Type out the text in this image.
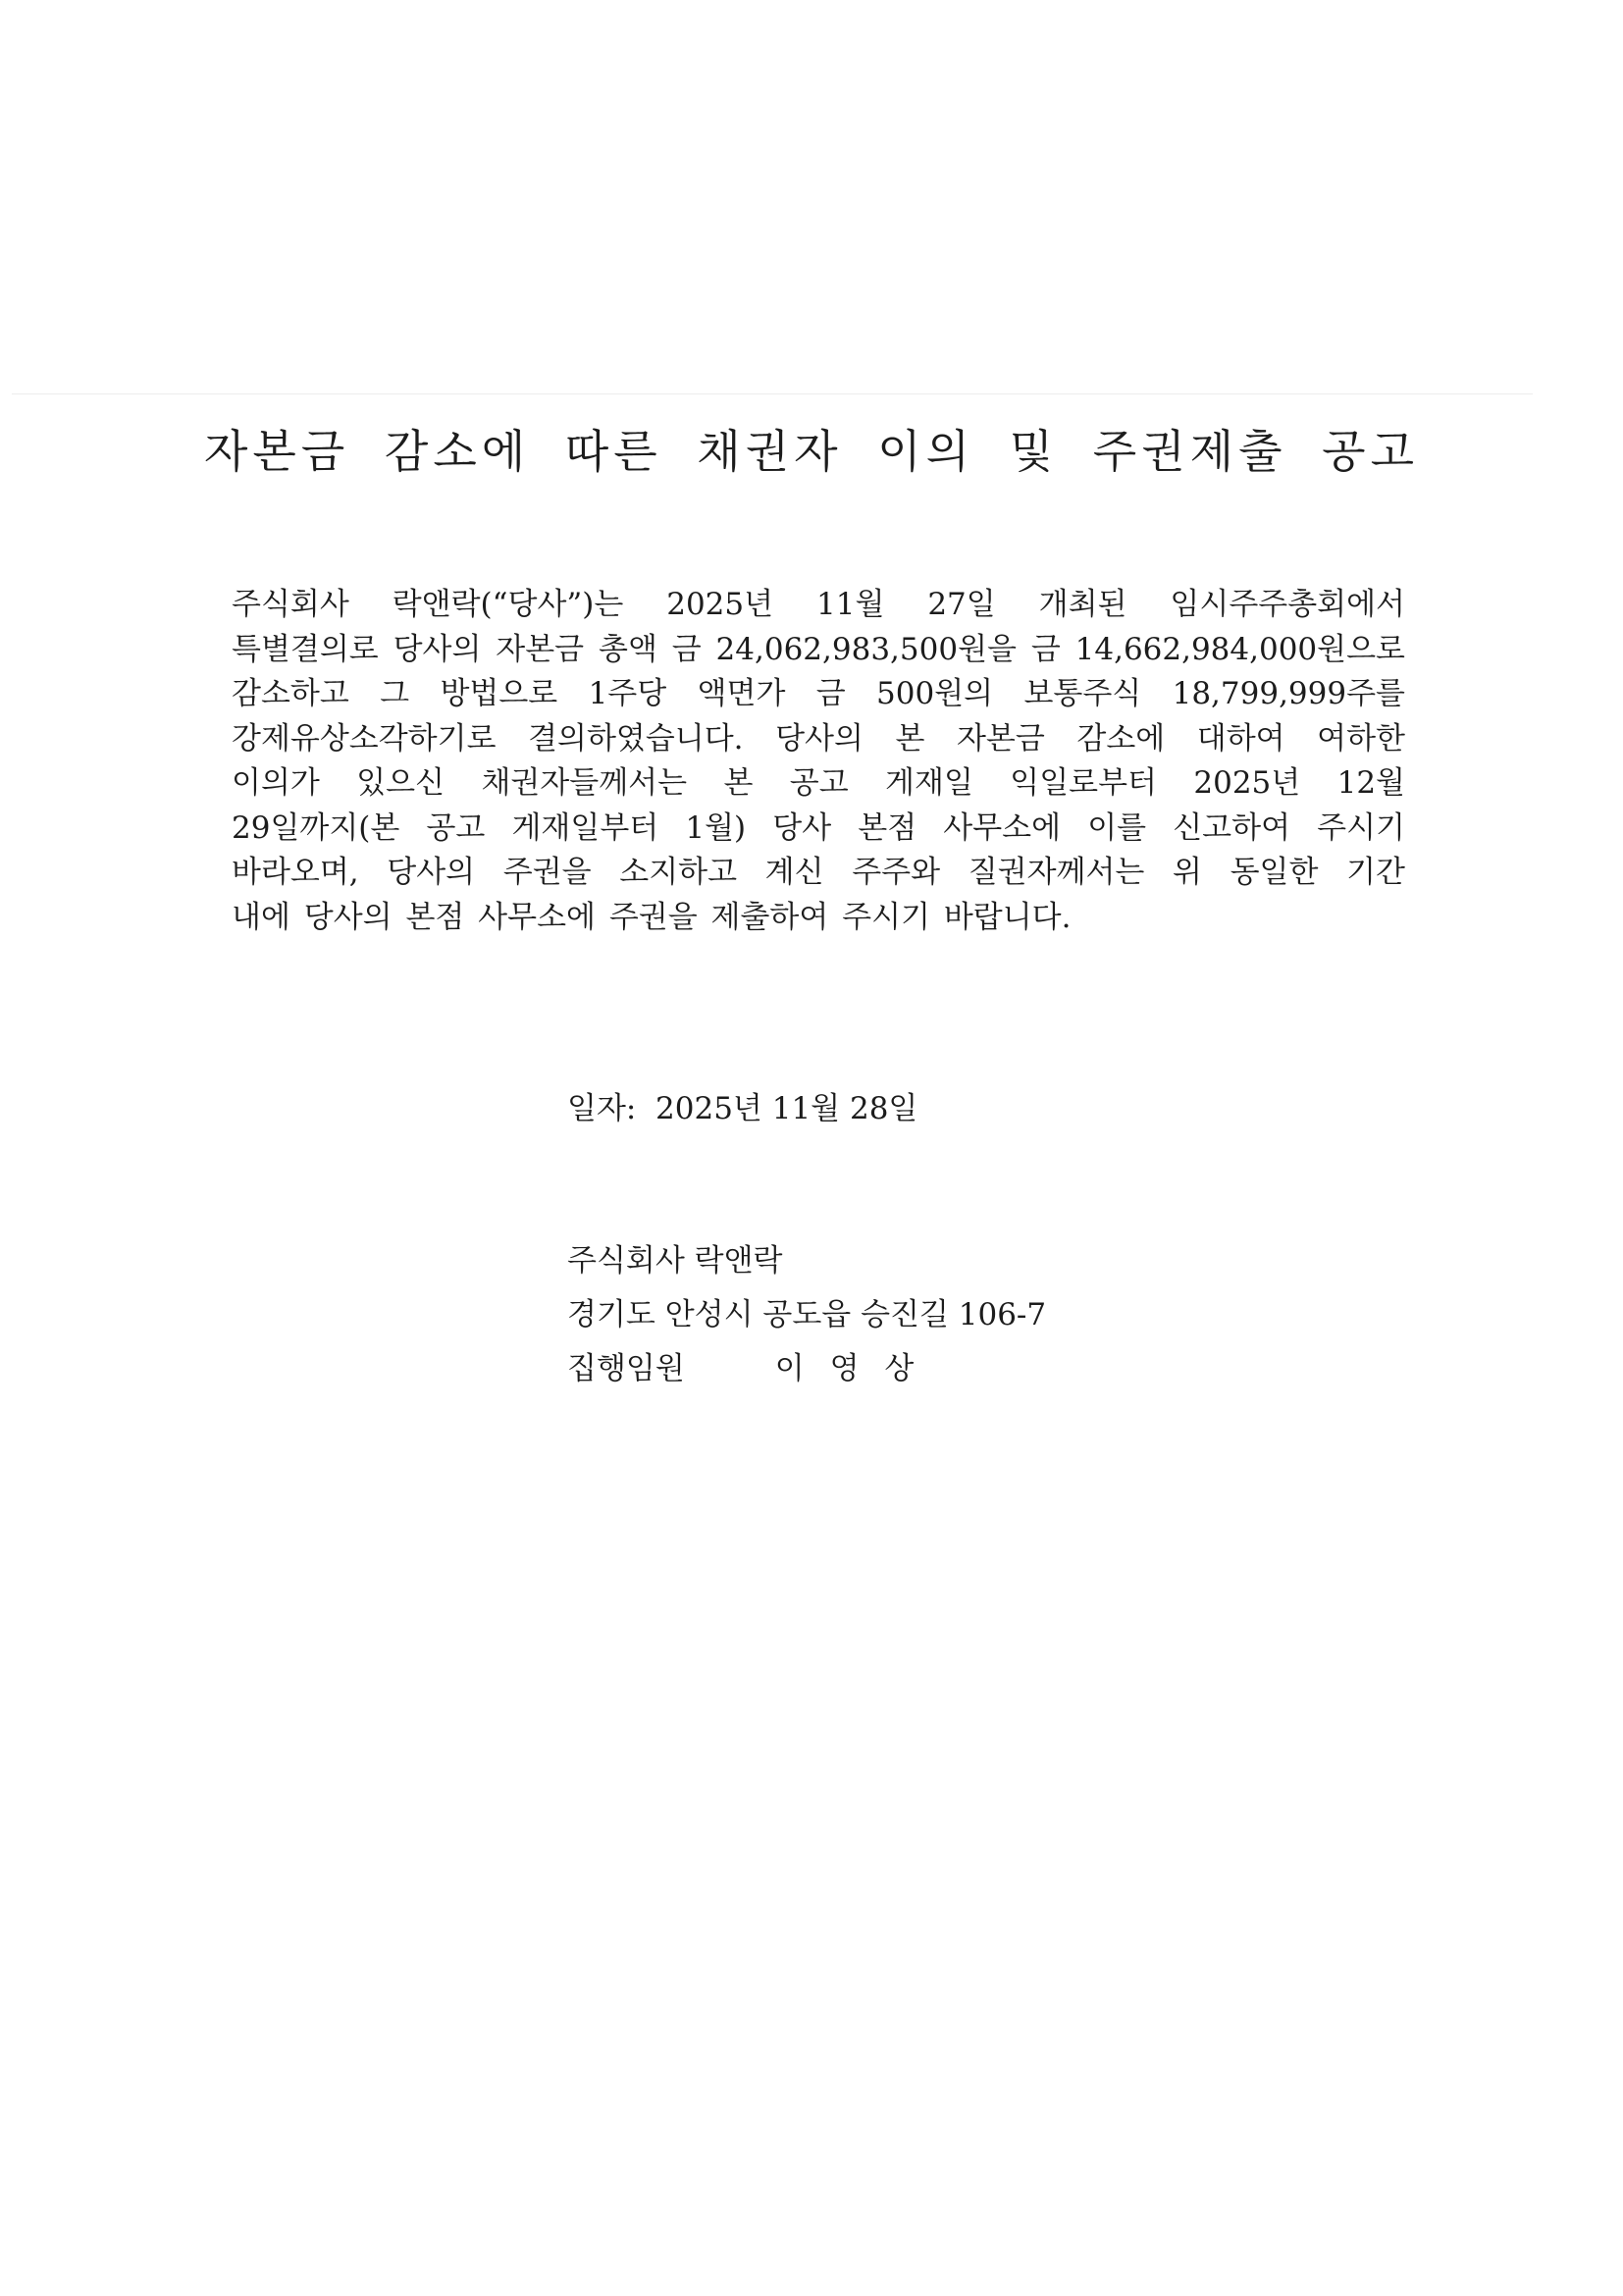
자본금 감소에 따른 채권자 이의 및 주권제출 공고
주식회사 락앤락(“당사”)는 2025년 11월 27일 개최된 임시주주총회에서
특별결의로 당사의 자본금 총액 금 24,062,983,500원을 금 14,662,984,000원으로
감소하고 그 방법으로 1주당 액면가 금 500원의 보통주식 18,799,999주를
강제유상소각하기로 결의하였습니다. 당사의 본 자본금 감소에 대하여 여하한
이의가 있으신 채권자들께서는 본 공고 게재일 익일로부터 2025년 12월
29일까지(본 공고 게재일부터 1월) 당사 본점 사무소에 이를 신고하여 주시기
바라오며, 당사의 주권을 소지하고 계신 주주와 질권자께서는 위 동일한 기간
내에 당사의 본점 사무소에 주권을 제출하여 주시기 바랍니다.
일자:  2025년 11월 28일
주식회사 락앤락
경기도 안성시 공도읍 승진길 106-7
집행임원	이 영 상
